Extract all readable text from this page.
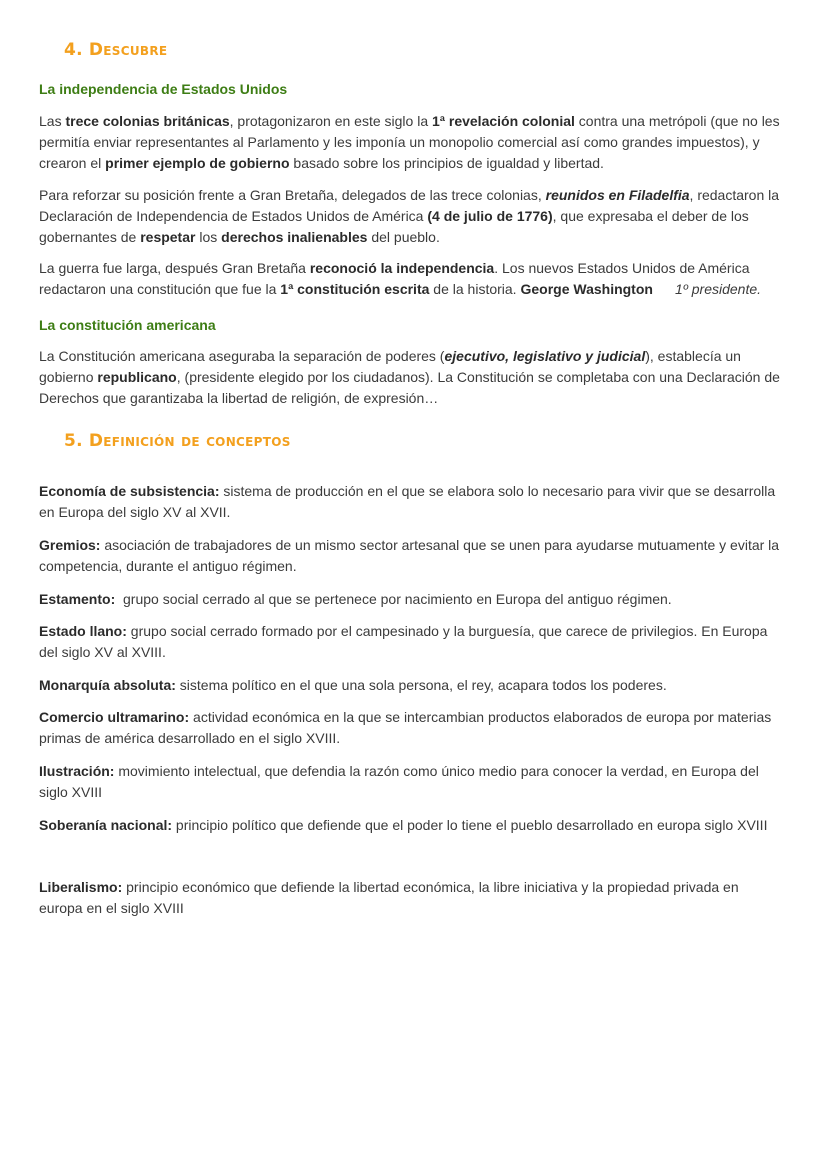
4. Descubre
La independencia de Estados Unidos

Las trece colonias británicas, protagonizaron en este siglo la 1ª revelación colonial contra una metrópoli (que no les permitía enviar representantes al Parlamento y les imponía un monopolio comercial así como grandes impuestos), y crearon el primer ejemplo de gobierno basado sobre los principios de igualdad y libertad.

Para reforzar su posición frente a Gran Bretaña, delegados de las trece colonias, reunidos en Filadelfia, redactaron la Declaración de Independencia de Estados Unidos de América (4 de julio de 1776), que expresaba el deber de los gobernantes de respetar los derechos inalienables del pueblo.

La guerra fue larga, después Gran Bretaña reconoció la independencia. Los nuevos Estados Unidos de América redactaron una constitución que fue la 1ª constitución escrita de la historia. George Washington 1º presidente.

La constitución americana

La Constitución americana aseguraba la separación de poderes (ejecutivo, legislativo y judicial), establecía un gobierno republicano, (presidente elegido por los ciudadanos). La Constitución se completaba con una Declaración de Derechos que garantizaba la libertad de religión, de expresión…

5. Definición de conceptos

Economía de subsistencia: sistema de producción en el que se elabora solo lo necesario para vivir que se desarrolla en Europa del siglo XV al XVII.

Gremios: asociación de trabajadores de un mismo sector artesanal que se unen para ayudarse mutuamente y evitar la competencia, durante el antiguo régimen.

Estamento:  grupo social cerrado al que se pertenece por nacimiento en Europa del antiguo régimen.

Estado llano: grupo social cerrado formado por el campesinado y la burguesía, que carece de privilegios. En Europa del siglo XV al XVIII.

Monarquía absoluta: sistema político en el que una sola persona, el rey, acapara todos los poderes.

Comercio ultramarino: actividad económica en la que se intercambian productos elaborados de europa por materias primas de américa desarrollado en el siglo XVIII.

Ilustración: movimiento intelectual, que defendia la razón como único medio para conocer la verdad, en Europa del siglo XVIII

Soberanía nacional: principio político que defiende que el poder lo tiene el pueblo desarrollado en europa siglo XVIII

Liberalismo: principio económico que defiende la libertad económica, la libre iniciativa y la propiedad privada en europa en el siglo XVIII
